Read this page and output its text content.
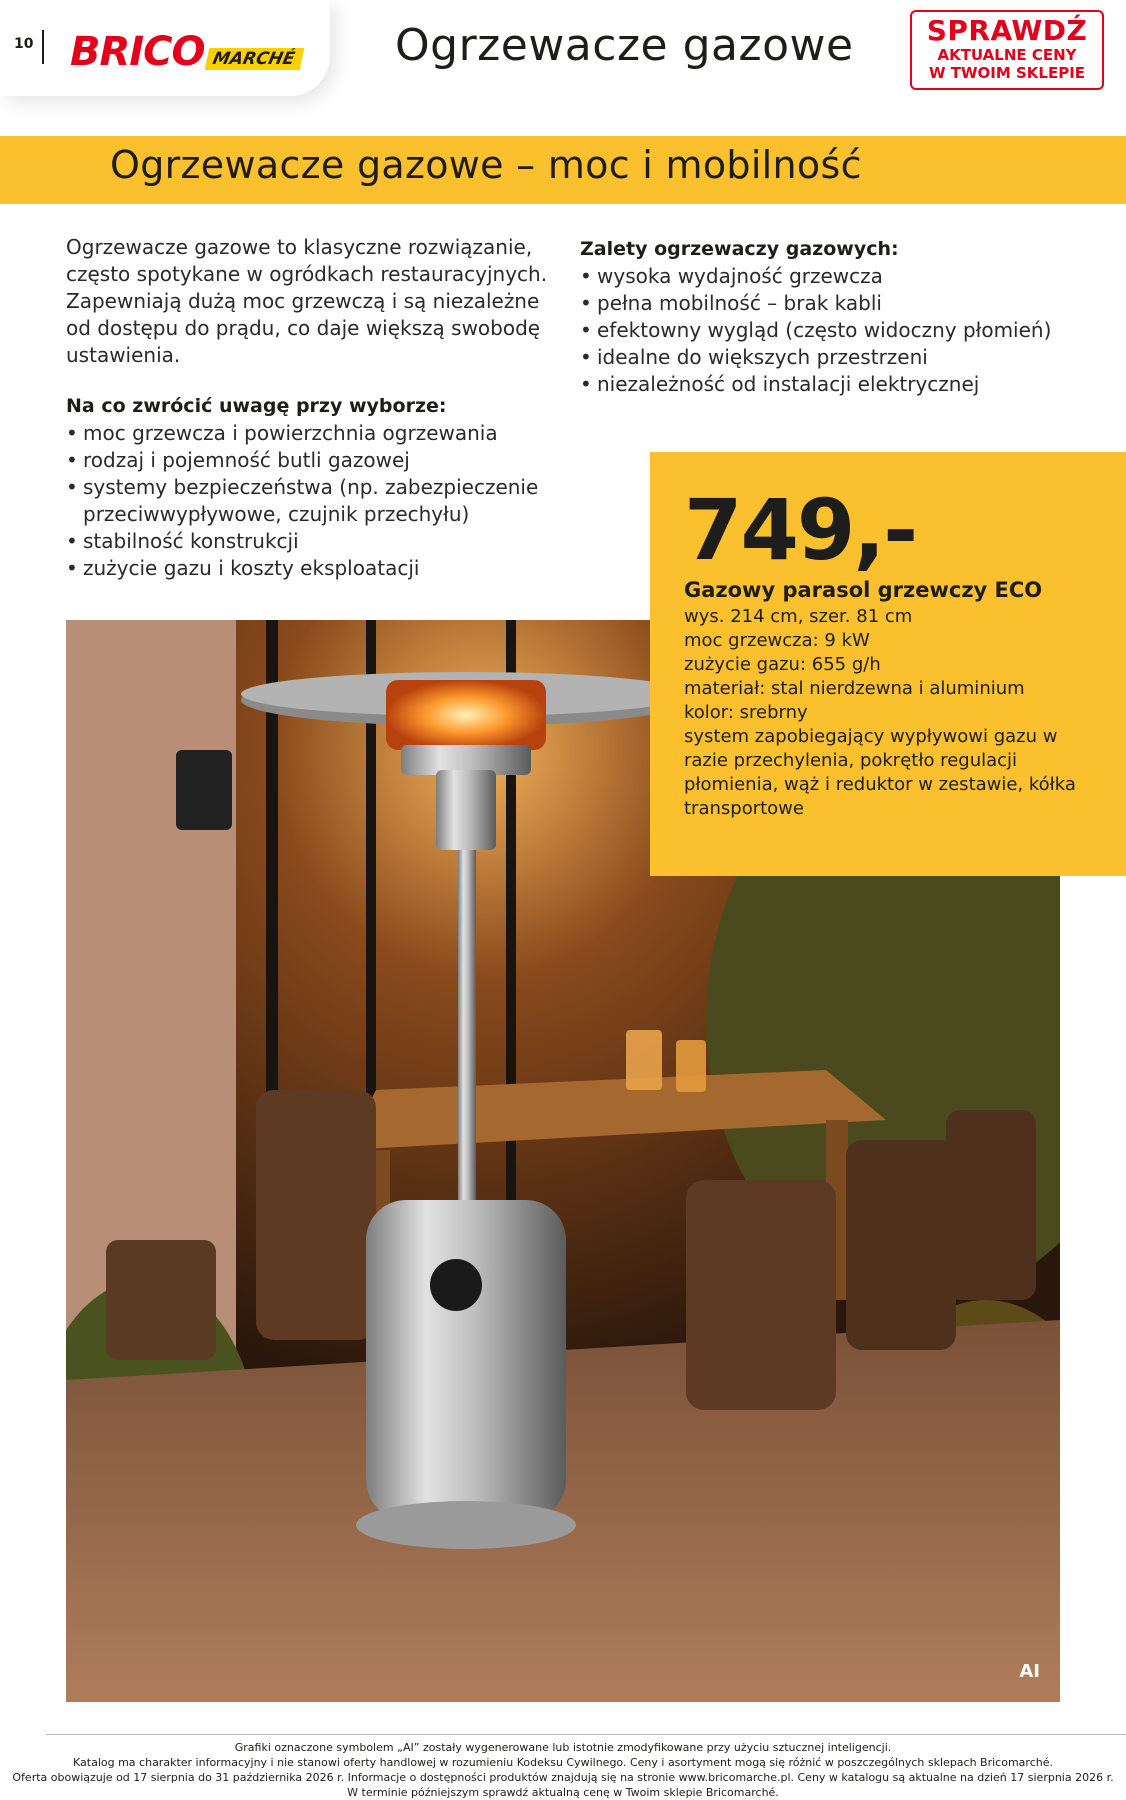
10 BRICO MARCHÉ Ogrzewacze gazowe	SPRAWDŹ
AKTUALNE CENY
W TWOIM SKLEPIE
Ogrzewacze gazowe – moc i mobilność

Ogrzewacze gazowe to klasyczne rozwiązanie, często spotykane w ogródkach restauracyjnych. Zapewniają dużą moc grzewczą i są niezależne od dostępu do prądu, co daje większą swobodę ustawienia.

Na co zwrócić uwagę przy wyborze:

• moc grzewcza i powierzchnia ogrzewania
• rodzaj i pojemność butli gazowej
• systemy bezpieczeństwa (np. zabezpieczenie przeciwwypływowe, czujnik przechyłu)
• stabilność konstrukcji
• zużycie gazu i koszty eksploatacji

Zalety ogrzewaczy gazowych:

• wysoka wydajność grzewcza
• pełna mobilność – brak kabli
• efektowny wygląd (często widoczny płomień)
• idealne do większych przestrzeni
• niezależność od instalacji elektrycznej
AI
749,-
Gazowy parasol grzewczy ECO
wys. 214 cm, szer. 81 cm
moc grzewcza: 9 kW
zużycie gazu: 655 g/h
materiał: stal nierdzewna i aluminium
kolor: srebrny
system zapobiegający wypływowi gazu w razie przechylenia, pokrętło regulacji płomienia, wąż i reduktor w zestawie, kółka transportowe
Grafiki oznaczone symbolem „AI” zostały wygenerowane lub istotnie zmodyfikowane przy użyciu sztucznej inteligencji.
Katalog ma charakter informacyjny i nie stanowi oferty handlowej w rozumieniu Kodeksu Cywilnego. Ceny i asortyment mogą się różnić w poszczególnych sklepach Bricomarché.
Oferta obowiązuje od 17 sierpnia do 31 października 2026 r. Informacje o dostępności produktów znajdują się na stronie www.bricomarche.pl. Ceny w katalogu są aktualne na dzień 17 sierpnia 2026 r.
W terminie późniejszym sprawdź aktualną cenę w Twoim sklepie Bricomarché.
